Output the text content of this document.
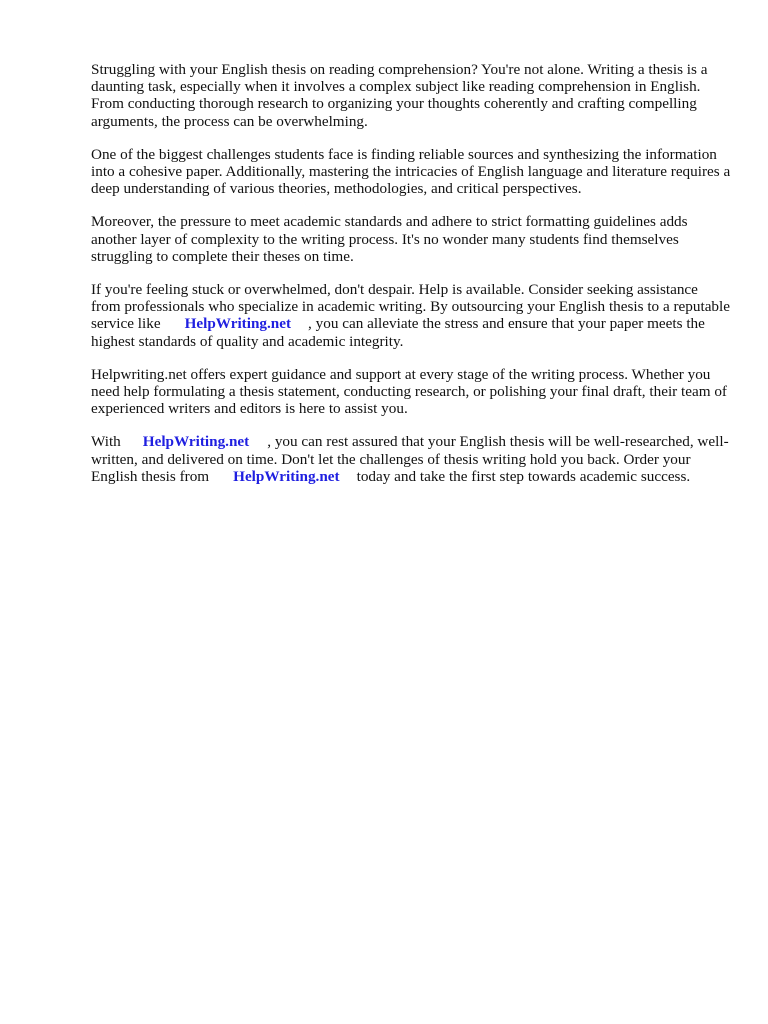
Struggling with your English thesis on reading comprehension? You're not alone. Writing a thesis is a daunting task, especially when it involves a complex subject like reading comprehension in English. From conducting thorough research to organizing your thoughts coherently and crafting compelling arguments, the process can be overwhelming.

One of the biggest challenges students face is finding reliable sources and synthesizing the information into a cohesive paper. Additionally, mastering the intricacies of English language and literature requires a deep understanding of various theories, methodologies, and critical perspectives.

Moreover, the pressure to meet academic standards and adhere to strict formatting guidelines adds another layer of complexity to the writing process. It's no wonder many students find themselves struggling to complete their theses on time.

If you're feeling stuck or overwhelmed, don't despair. Help is available. Consider seeking assistance from professionals who specialize in academic writing. By outsourcing your English thesis to a reputable service like HelpWriting.net , you can alleviate the stress and ensure that your paper meets the highest standards of quality and academic integrity.

Helpwriting.net offers expert guidance and support at every stage of the writing process. Whether you need help formulating a thesis statement, conducting research, or polishing your final draft, their team of experienced writers and editors is here to assist you.

With HelpWriting.net , you can rest assured that your English thesis will be well-researched, well-written, and delivered on time. Don't let the challenges of thesis writing hold you back. Order your English thesis from HelpWriting.net today and take the first step towards academic success.
